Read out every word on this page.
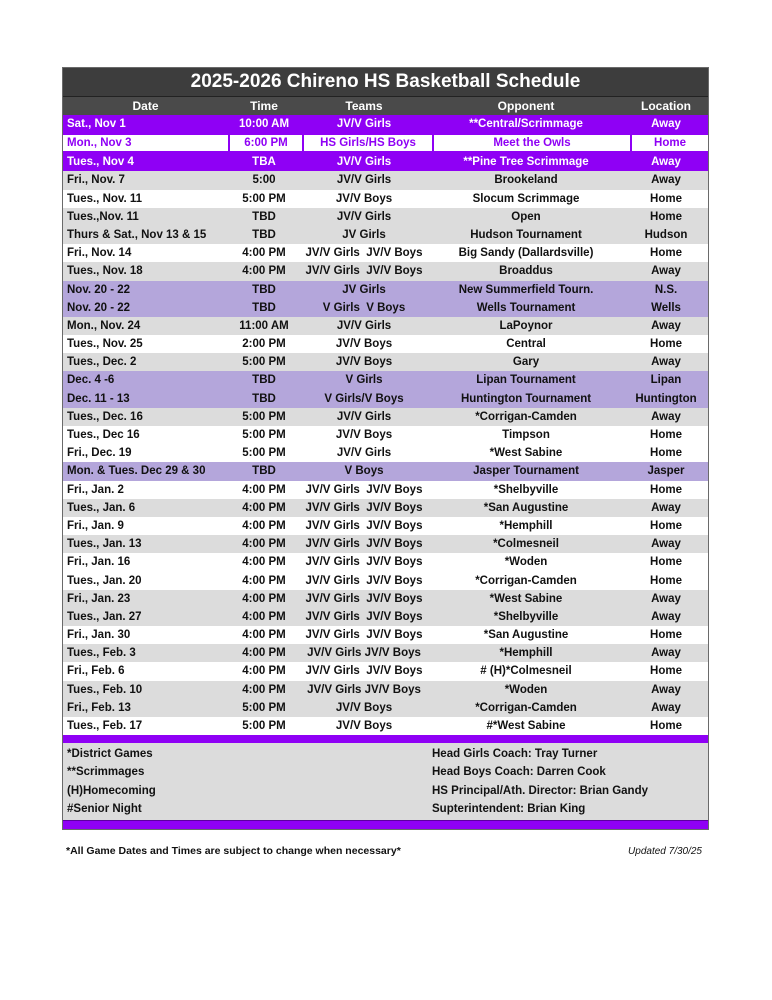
2025-2026 Chireno HS Basketball Schedule
Date	Time	Teams	Opponent	Location
Sat., Nov 1	10:00 AM	JV/V Girls	**Central/Scrimmage	Away
Mon., Nov 3	6:00 PM	HS Girls/HS Boys	Meet the Owls	Home
Tues., Nov 4	TBA	JV/V Girls	**Pine Tree Scrimmage	Away
Fri., Nov. 7	5:00	JV/V Girls	Brookeland	Away
Tues., Nov. 11	5:00 PM	JV/V Boys	Slocum Scrimmage	Home
Tues.,Nov. 11	TBD	JV/V Girls	Open	Home
Thurs & Sat., Nov 13 & 15	TBD	JV Girls	Hudson Tournament	Hudson
Fri., Nov. 14	4:00 PM	JV/V Girls  JV/V Boys	Big Sandy (Dallardsville)	Home
Tues., Nov. 18	4:00 PM	JV/V Girls  JV/V Boys	Broaddus	Away
Nov. 20 - 22	TBD	JV Girls	New Summerfield Tourn.	N.S.
Nov. 20 - 22	TBD	V Girls  V Boys	Wells Tournament	Wells
Mon., Nov. 24	11:00 AM	JV/V Girls	LaPoynor	Away
Tues., Nov. 25	2:00 PM	JV/V Boys	Central	Home
Tues., Dec. 2	5:00 PM	JV/V Boys	Gary	Away
Dec. 4 -6	TBD	V Girls	Lipan Tournament	Lipan
Dec. 11 - 13	TBD	V Girls/V Boys	Huntington Tournament	Huntington
Tues., Dec. 16	5:00 PM	JV/V Girls	*Corrigan-Camden	Away
Tues., Dec 16	5:00 PM	JV/V Boys	Timpson	Home
Fri., Dec. 19	5:00 PM	JV/V Girls	*West Sabine	Home
Mon. & Tues. Dec 29 & 30	TBD	V Boys	Jasper Tournament	Jasper
Fri., Jan. 2	4:00 PM	JV/V Girls  JV/V Boys	*Shelbyville	Home
Tues., Jan. 6	4:00 PM	JV/V Girls  JV/V Boys	*San Augustine	Away
Fri., Jan. 9	4:00 PM	JV/V Girls  JV/V Boys	*Hemphill	Home
Tues., Jan. 13	4:00 PM	JV/V Girls  JV/V Boys	*Colmesneil	Away
Fri., Jan. 16	4:00 PM	JV/V Girls  JV/V Boys	*Woden	Home
Tues., Jan. 20	4:00 PM	JV/V Girls  JV/V Boys	*Corrigan-Camden	Home
Fri., Jan. 23	4:00 PM	JV/V Girls  JV/V Boys	*West Sabine	Away
Tues., Jan. 27	4:00 PM	JV/V Girls  JV/V Boys	*Shelbyville	Away
Fri., Jan. 30	4:00 PM	JV/V Girls  JV/V Boys	*San Augustine	Home
Tues., Feb. 3	4:00 PM	JV/V Girls JV/V Boys	*Hemphill	Away
Fri., Feb. 6	4:00 PM	JV/V Girls  JV/V Boys	# (H)*Colmesneil	Home
Tues., Feb. 10	4:00 PM	JV/V Girls JV/V Boys	*Woden	Away
Fri., Feb. 13	5:00 PM	JV/V Boys	*Corrigan-Camden	Away
Tues., Feb. 17	5:00 PM	JV/V Boys	#*West Sabine	Home
*District Games
**Scrimmages
(H)Homecoming
#Senior Night
Head Girls Coach: Tray Turner
Head Boys Coach: Darren Cook
HS Principal/Ath. Director: Brian Gandy
Supterintendent: Brian King
*All Game Dates and Times are subject to change when necessary*	Updated 7/30/25
